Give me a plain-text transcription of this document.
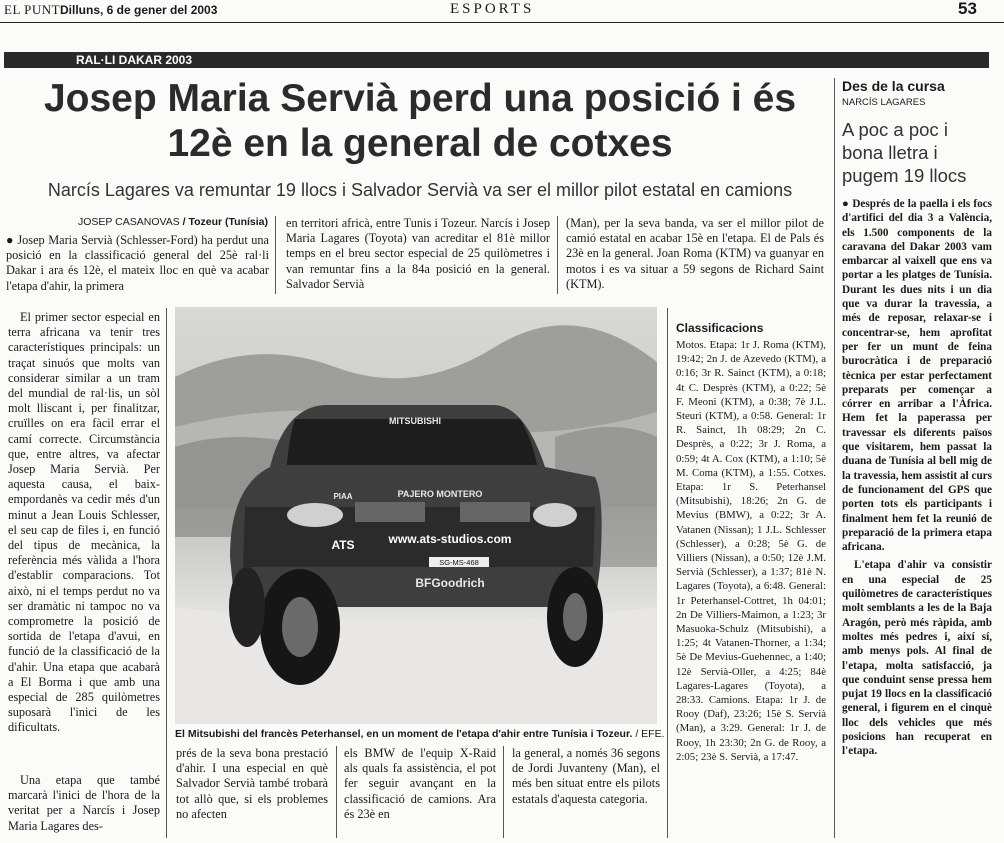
EL PUNT Dilluns, 6 de gener del 2003	ESPORTS	53
RAL·LI DAKAR 2003
Josep Maria Servià perd una posició i és 12è en la general de cotxes
Narcís Lagares va remuntar 19 llocs i Salvador Servià va ser el millor pilot estatal en camions
JOSEP CASANOVAS / Tozeur (Tunísia)
● Josep Maria Servià (Schlesser-Ford) ha perdut una posició en la classificació general del 25è ral·li Dakar i ara és 12è, el mateix lloc en què va acabar l'etapa d'ahir, la primera
en territori africà, entre Tunis i Tozeur. Narcís i Josep Maria Lagares (Toyota) van acreditar el 81è millor temps en el breu sector especial de 25 quilòmetres i van remuntar fins a la 84a posició en la general. Salvador Servià
(Man), per la seva banda, va ser el millor pilot de camió estatal en acabar 15è en l'etapa. El de Pals és 23è en la general. Joan Roma (KTM) va guanyar en motos i es va situar a 59 segons de Richard Saint (KTM).
El primer sector especial en terra africana va tenir tres característiques principals: un traçat sinuós que molts van considerar similar a un tram del mundial de ral·lis, un sòl molt lliscant i, per finalitzar, cruïlles on era fàcil errar el camí correcte. Circumstància que, entre altres, va afectar Josep Maria Servià. Per aquesta causa, el baix-empordanès va cedir més d'un minut a Jean Louis Schlesser, el seu cap de files i, en funció del tipus de mecànica, la referència més vàlida a l'hora d'establir comparacions. Tot això, ni el temps perdut no va ser dramàtic ni tampoc no va comprometre la posició de sortida de l'etapa d'avui, en funció de la classificació de la d'ahir. Una etapa que acabarà a El Borma i que amb una especial de 285 quilòmetres suposarà l'inici de les dificultats.
Una etapa que també marcarà l'inici de l'hora de la veritat per a Narcís i Josep Maria Lagares des-
MITSUBISHI
PAJERO MONTERO
PIAA
ATS	www.ats-studios.com
SG-MS-468
BFGoodrich
El Mitsubishi del francès Peterhansel, en un moment de l'etapa d'ahir entre Tunísia i Tozeur. / EFE.
prés de la seva bona prestació d'ahir. I una especial en què Salvador Servià també trobarà tot allò que, si els problemes no afecten
els BMW de l'equip X-Raid als quals fa assistència, el pot fer seguir avançant en la classificació de camions. Ara és 23è en
la general, a només 36 segons de Jordi Juvanteny (Man), el més ben situat entre els pilots estatals d'aquesta categoria.
Classificacions
Motos. Etapa: 1r J. Roma (KTM), 19:42; 2n J. de Azevedo (KTM), a 0:16; 3r R. Sainct (KTM), a 0:18; 4t C. Desprès (KTM), a 0:22; 5è F. Meoni (KTM), a 0:38; 7è J.L. Steuri (KTM), a 0:58. General: 1r R. Sainct, 1h 08:29; 2n C. Desprès, a 0:22; 3r J. Roma, a 0:59; 4t A. Cox (KTM), a 1:10; 5è M. Coma (KTM), a 1:55. Cotxes. Etapa: 1r S. Peterhansel (Mitsubishi), 18:26; 2n G. de Mevius (BMW), a 0:22; 3r A. Vatanen (Nissan); 1 J.L. Schlesser (Schlesser), a 0:28; 5è G. de Villiers (Nissan), a 0:50; 12è J.M. Servià (Schlesser), a 1:37; 81è N. Lagares (Toyota), a 6:48. General: 1r Peterhansel-Cottret, 1h 04:01; 2n De Villiers-Maimon, a 1:23; 3r Masuoka-Schulz (Mitsubishi), a 1:25; 4t Vatanen-Thorner, a 1:34; 5è De Mevius-Guehennec, a 1:40; 12è Servià-Oller, a 4:25; 84è Lagares-Lagares (Toyota), a 28:33. Camions. Etapa: 1r J. de Rooy (Daf), 23:26; 15è S. Servià (Man), a 3:29. General: 1r J. de Rooy, 1h 23:30; 2n G. de Rooy, a 2:05; 23è S. Servià, a 17:47.
Des de la cursa
NARCÍS LAGARES
A poc a poc i bona lletra i pugem 19 llocs
● Després de la paella i els focs d'artifici del dia 3 a València, els 1.500 components de la caravana del Dakar 2003 vam embarcar al vaixell que ens va portar a les platges de Tunísia. Durant les dues nits i un dia que va durar la travessia, a més de reposar, relaxar-se i concentrar-se, hem aprofitat per fer un munt de feina burocràtica i de preparació tècnica per estar perfectament preparats per començar a córrer en arribar a l'Àfrica. Hem fet la paperassa per travessar els diferents països que visitarem, hem passat la duana de Tunísia al bell mig de la travessia, hem assistit al curs de funcionament del GPS que porten tots els participants i finalment hem fet la reunió de preparació de la primera etapa africana.
L'etapa d'ahir va consistir en una especial de 25 quilòmetres de característiques molt semblants a les de la Baja Aragón, però més ràpida, amb moltes més pedres i, així sí, amb menys pols. Al final de l'etapa, molta satisfacció, ja que conduint sense pressa hem pujat 19 llocs en la classificació general, i figurem en el cinquè lloc dels vehicles que més posicions han recuperat en l'etapa.
